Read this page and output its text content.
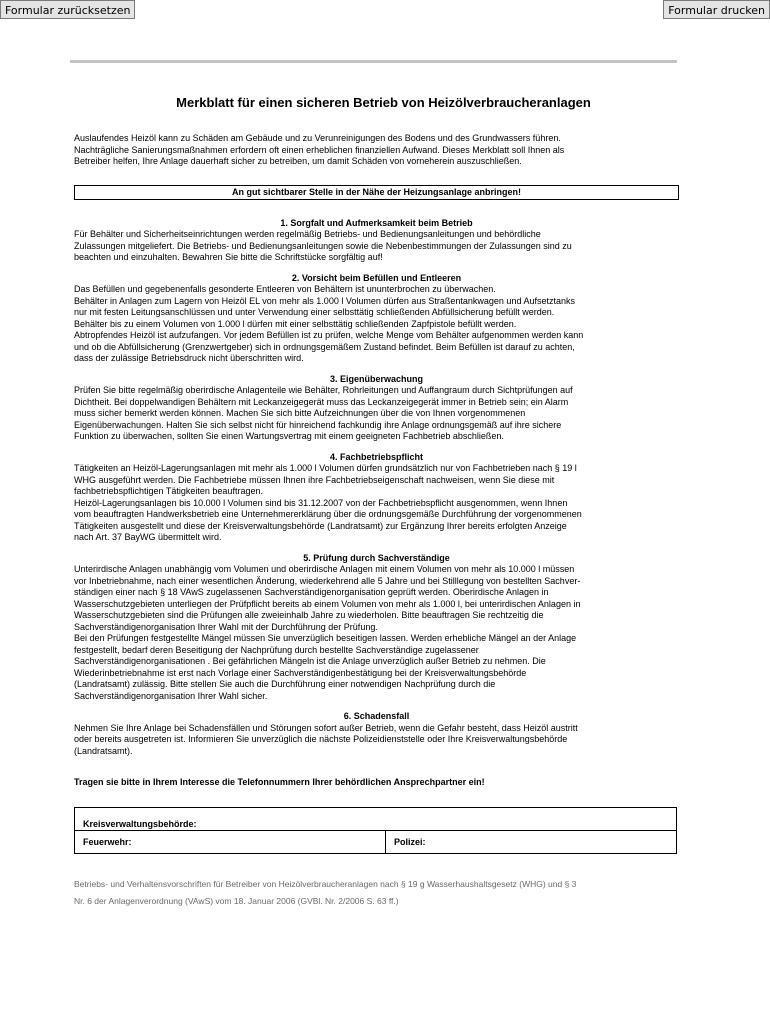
Formular zurücksetzen	Formular drucken
Merkblatt für einen sicheren Betrieb von Heizölverbraucheranlagen

Auslaufendes Heizöl kann zu Schäden am Gebäude und zu Verunreinigungen des Bodens und des Grundwassers führen.

Nachträgliche Sanierungsmaßnahmen erfordern oft einen erheblichen finanziellen Aufwand. Dieses Merkblatt soll Ihnen als

Betreiber helfen, Ihre Anlage dauerhaft sicher zu betreiben, um damit Schäden von vorneherein auszuschließen.

An gut sichtbarer Stelle in der Nähe der Heizungsanlage anbringen!
1. Sorgfalt und Aufmerksamkeit beim Betrieb

Für Behälter und Sicherheitseinrichtungen werden regelmäßig Betriebs- und Bedienungsanleitungen und behördliche

Zulassungen mitgeliefert. Die Betriebs- und Bedienungsanleitungen sowie die Nebenbestimmungen der Zulassungen sind zu

beachten und einzuhalten. Bewahren Sie bitte die Schriftstücke sorgfältig auf!

2. Vorsicht beim Befüllen und Entleeren

Das Befüllen und gegebenenfalls gesonderte Entleeren von Behältern ist ununterbrochen zu überwachen.

Behälter in Anlagen zum Lagern von Heizöl EL von mehr als 1.000 l Volumen dürfen aus Straßentankwagen und Aufsetztanks

nur mit festen Leitungsanschlüssen und unter Verwendung einer selbsttätig schließenden Abfüllsicherung befüllt werden.

Behälter bis zu einem Volumen von 1.000 l dürfen mit einer selbsttätig schließenden Zapfpistole befüllt werden.

Abtropfendes Heizöl ist aufzufangen. Vor jedem Befüllen ist zu prüfen, welche Menge vom Behälter aufgenommen werden kann

und ob die Abfüllsicherung (Grenzwertgeber) sich in ordnungsgemäßem Zustand befindet. Beim Befüllen ist darauf zu achten,

dass der zulässige Betriebsdruck nicht überschritten wird.

3. Eigenüberwachung

Prüfen Sie bitte regelmäßig oberirdische Anlagenteile wie Behälter, Rohrleitungen und Auffangraum durch Sichtprüfungen auf

Dichtheit. Bei doppelwandigen Behältern mit Leckanzeigegerät muss das Leckanzeigegerät immer in Betrieb sein; ein Alarm

muss sicher bemerkt werden können. Machen Sie sich bitte Aufzeichnungen über die von Ihnen vorgenommenen

Eigenüberwachungen. Halten Sie sich selbst nicht für hinreichend fachkundig ihre Anlage ordnungsgemäß auf ihre sichere

Funktion zu überwachen, sollten Sie einen Wartungsvertrag mit einem geeigneten Fachbetrieb abschließen.

4. Fachbetriebspflicht

Tätigkeiten an Heizöl-Lagerungsanlagen mit mehr als 1.000 l Volumen dürfen grundsätzlich nur von Fachbetrieben nach § 19 l

WHG ausgeführt werden. Die Fachbetriebe müssen Ihnen ihre Fachbetriebseigenschaft nachweisen, wenn Sie diese mit

fachbetriebspflichtigen Tätigkeiten beauftragen.

Heizöl-Lagerungsanlagen bis 10.000 l Volumen sind bis 31.12.2007 von der Fachbetriebspflicht ausgenommen, wenn Ihnen

vom beauftragten Handwerksbetrieb eine Unternehmererklärung über die ordnungsgemäße Durchführung der vorgenommenen

Tätigkeiten ausgestellt und diese der Kreisverwaltungsbehörde (Landratsamt) zur Ergänzung Ihrer bereits erfolgten Anzeige

nach Art. 37 BayWG übermittelt wird.

5. Prüfung durch Sachverständige

Unterirdische Anlagen unabhängig vom Volumen und oberirdische Anlagen mit einem Volumen von mehr als 10.000 l müssen

vor Inbetriebnahme, nach einer wesentlichen Änderung, wiederkehrend alle 5 Jahre und bei Stilllegung von bestellten Sachver-

ständigen einer nach § 18 VAwS zugelassenen Sachverständigenorganisation geprüft werden. Oberirdische Anlagen in

Wasserschutzgebieten unterliegen der Prüfpflicht bereits ab einem Volumen von mehr als 1.000 l, bei unterirdischen Anlagen in

Wasserschutzgebieten sind die Prüfungen alle zweieinhalb Jahre zu wiederholen. Bitte beauftragen Sie rechtzeitig die

Sachverständigenorganisation Ihrer Wahl mit der Durchführung der Prüfung.

Bei den Prüfungen festgestellte Mängel müssen Sie unverzüglich beseitigen lassen. Werden erhebliche Mängel an der Anlage

festgestellt, bedarf deren Beseitigung der Nachprüfung durch bestellte Sachverständige zugelassener

Sachverständigenorganisationen . Bei gefährlichen Mängeln ist die Anlage unverzüglich außer Betrieb zu nehmen. Die

Wiederinbetriebnahme ist erst nach Vorlage einer Sachverständigenbestätigung bei der Kreisverwaltungsbehörde

(Landratsamt) zulässig. Bitte stellen Sie auch die Durchführung einer notwendigen Nachprüfung durch die

Sachverständigenorganisation Ihrer Wahl sicher.

6. Schadensfall

Nehmen Sie Ihre Anlage bei Schadensfällen und Störungen sofort außer Betrieb, wenn die Gefahr besteht, dass Heizöl austritt

oder bereits ausgetreten ist. Informieren Sie unverzüglich die nächste Polizeidienststelle oder Ihre Kreisverwaltungsbehörde

(Landratsamt).

Tragen sie bitte in Ihrem Interesse die Telefonnummern Ihrer behördlichen Ansprechpartner ein!
Kreisverwaltungsbehörde:
Feuerwehr:	Polizei:

Betriebs- und Verhaltensvorschriften für Betreiber von Heizölverbraucheranlagen nach § 19 g Wasserhaushaltsgesetz (WHG) und § 3

Nr. 6 der Anlagenverordnung (VAwS) vom 18. Januar 2006 (GVBl. Nr. 2/2006 S. 63 ff.)
